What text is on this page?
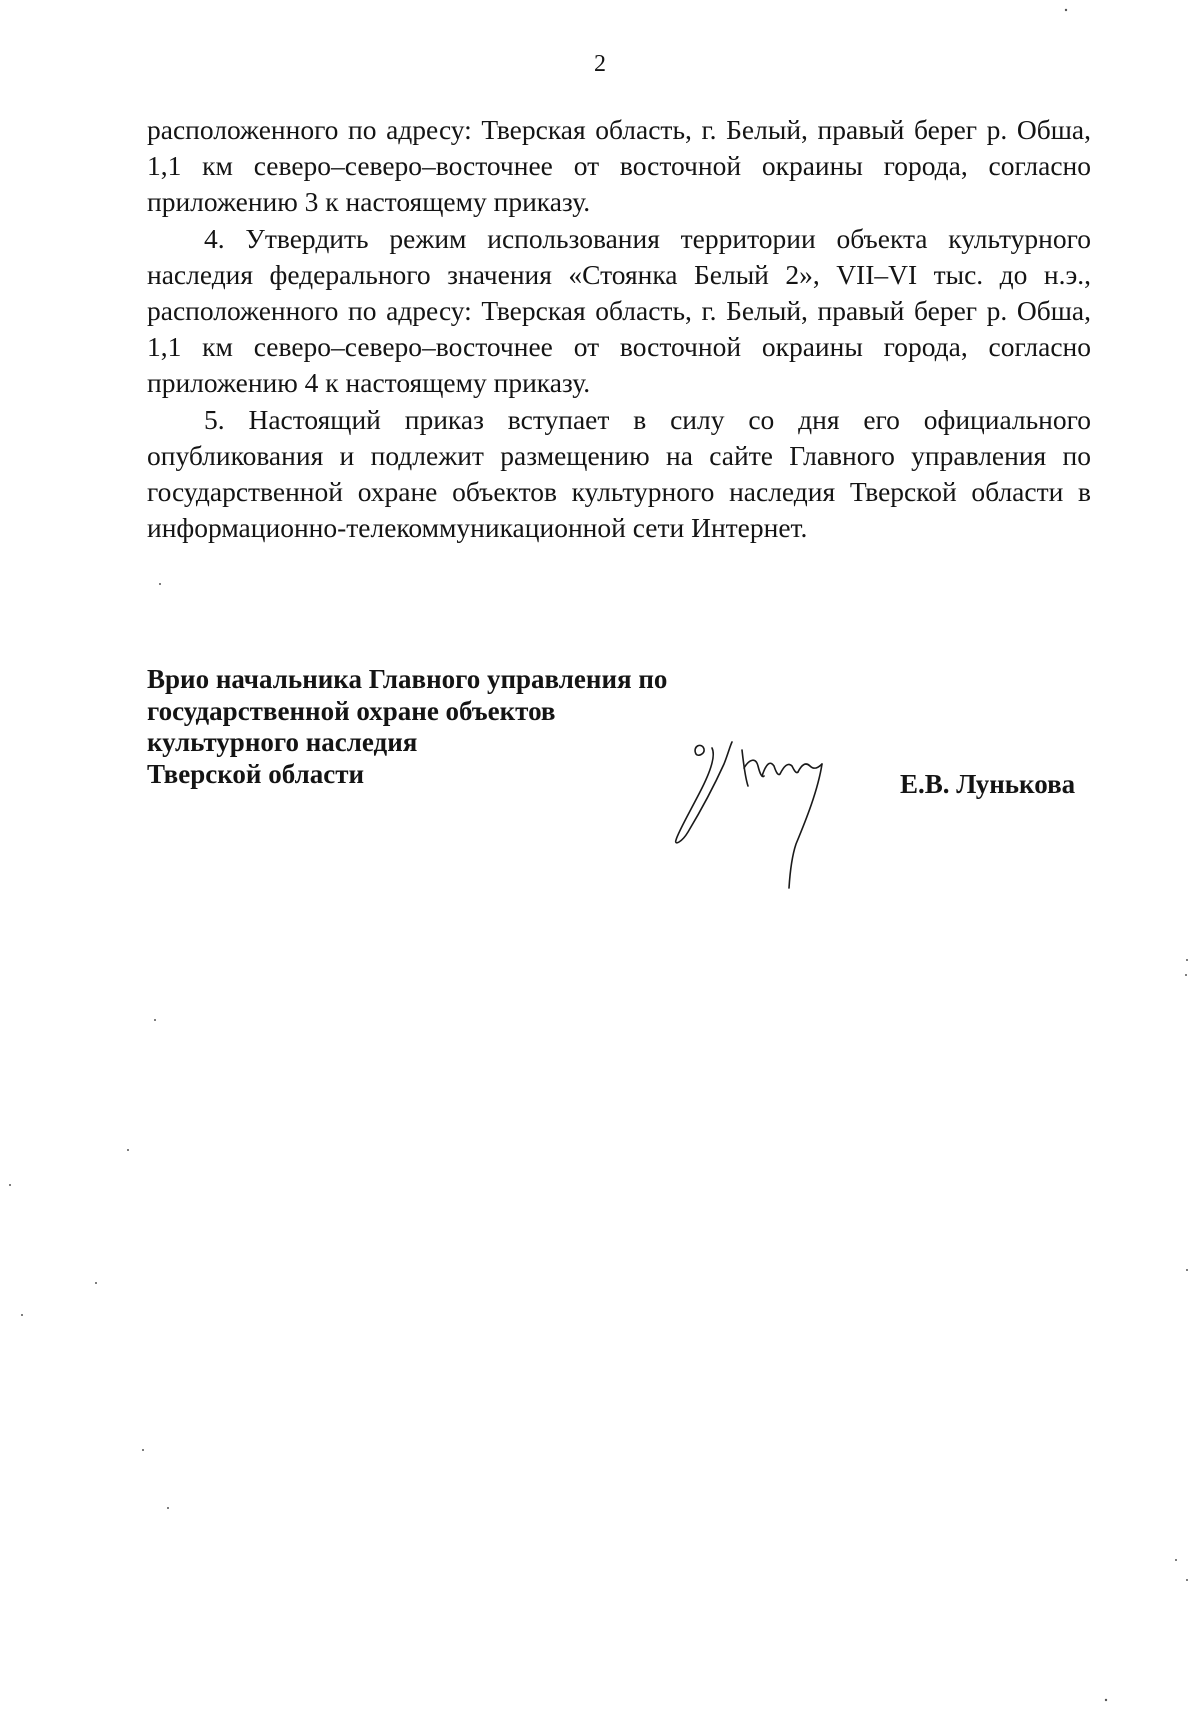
2

расположенного по адресу: Тверская область, г. Белый, правый берег р. Обша, 1,1 км северо–северо–восточнее от восточной окраины города, согласно приложению 3 к настоящему приказу.

4. Утвердить режим использования территории объекта культурного наследия федерального значения «Стоянка Белый 2», VII–VI тыс. до н.э., расположенного по адресу: Тверская область, г. Белый, правый берег р. Обша, 1,1 км северо–северо–восточнее от восточной окраины города, согласно приложению 4 к настоящему приказу.

5. Настоящий приказ вступает в силу со дня его официального опубликования и подлежит размещению на сайте Главного управления по государственной охране объектов культурного наследия Тверской области в информационно-телекоммуникационной сети Интернет.

Врио начальника Главного управления по
государственной охране объектов
культурного наследия
Тверской области	Е.В. Лунькова
